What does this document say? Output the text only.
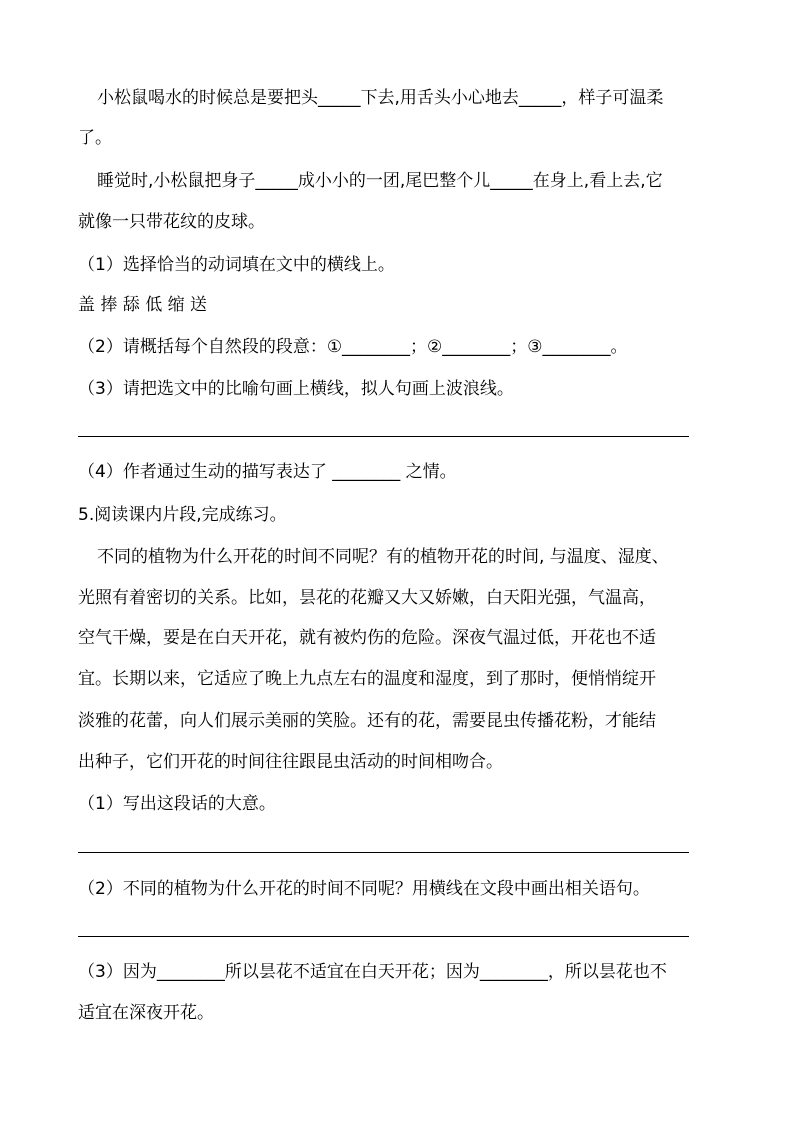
小松鼠喝水的时候总是要把头_____下去,用舌头小心地去_____，样子可温柔
了。
睡觉时,小松鼠把身子_____成小小的一团,尾巴整个儿_____在身上,看上去,它
就像一只带花纹的皮球。
（1）选择恰当的动词填在文中的横线上。
盖 捧 舔 低 缩 送
（2）请概括每个自然段的段意：①________；②________；③________。
（3）请把选文中的比喻句画上横线，拟人句画上波浪线。
（4）作者通过生动的描写表达了 ________ 之情。
5.阅读课内片段,完成练习。
不同的植物为什么开花的时间不同呢？有的植物开花的时间, 与温度、湿度、
光照有着密切的关系。比如，昙花的花瓣又大又娇嫩，白天阳光强，气温高，
空气干燥，要是在白天开花，就有被灼伤的危险。深夜气温过低，开花也不适
宜。长期以来，它适应了晚上九点左右的温度和湿度，到了那时，便悄悄绽开
淡雅的花蕾，向人们展示美丽的笑脸。还有的花，需要昆虫传播花粉，才能结
出种子，它们开花的时间往往跟昆虫活动的时间相吻合。
（1）写出这段话的大意。
（2）不同的植物为什么开花的时间不同呢？用横线在文段中画出相关语句。
（3）因为________所以昙花不适宜在白天开花；因为________，所以昙花也不
适宜在深夜开花。
